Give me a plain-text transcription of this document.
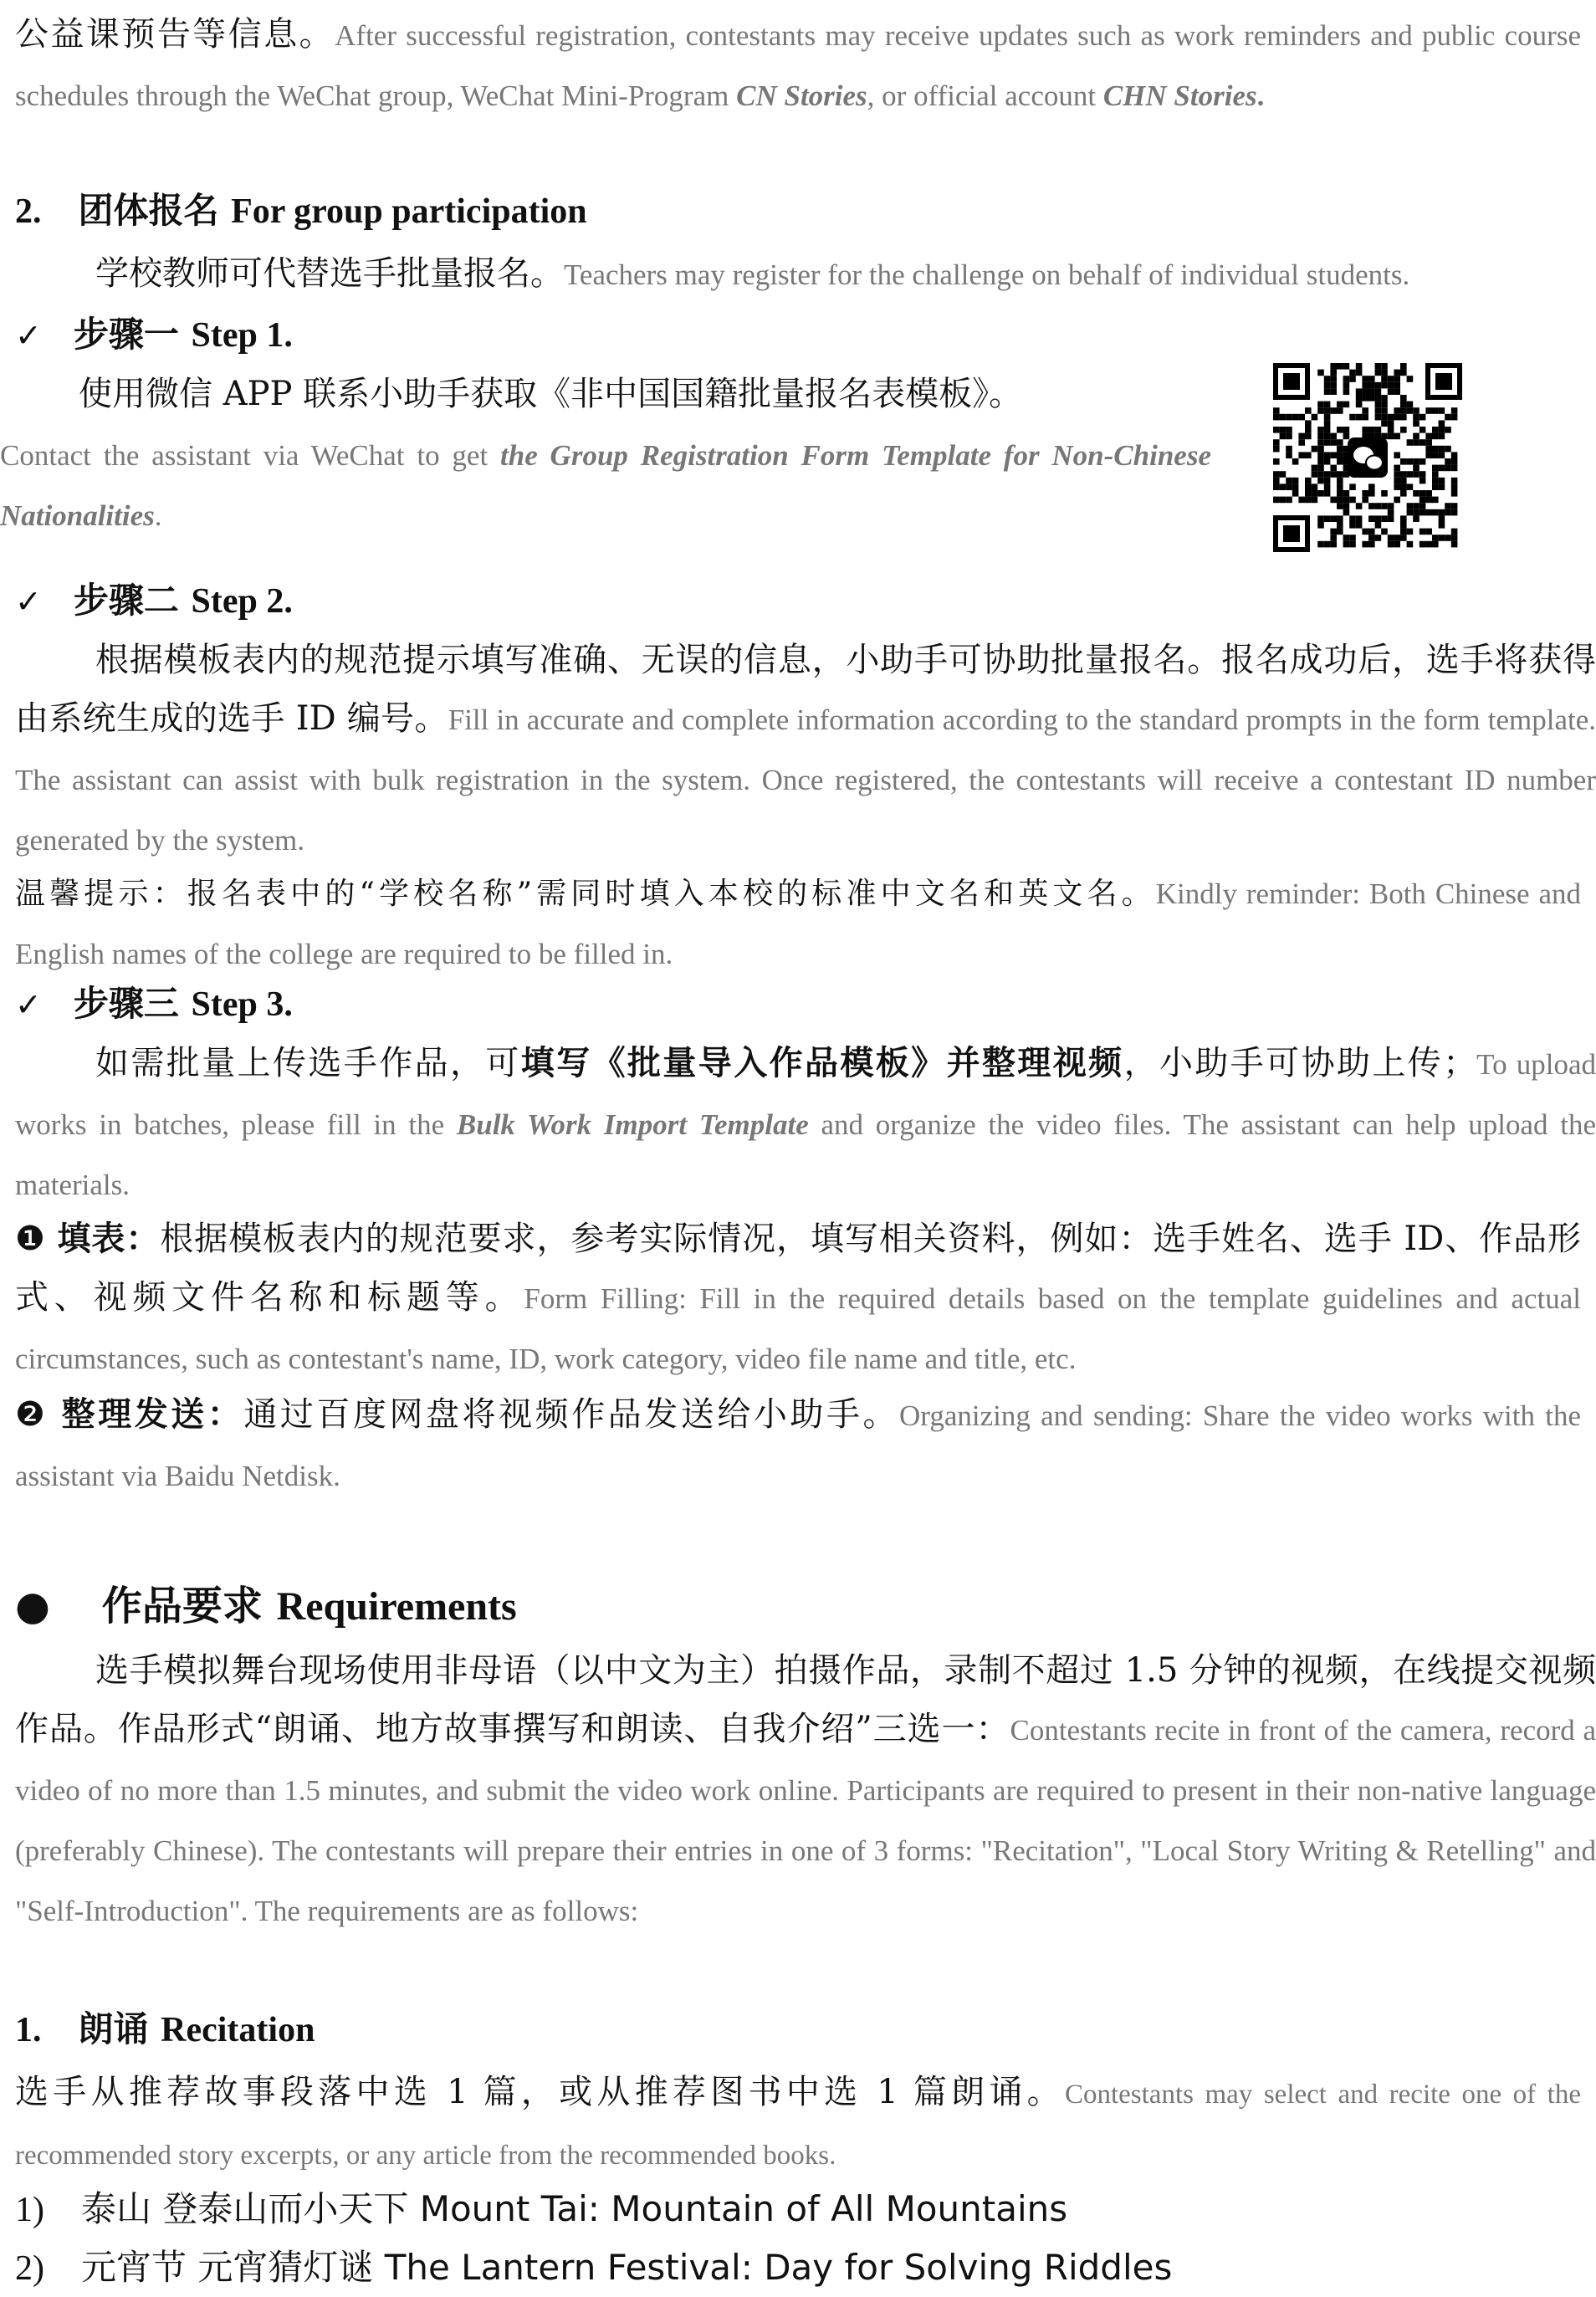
公益课预告等信息。After successful registration, contestants may receive updates such as work reminders and public course schedules through the WeChat group, WeChat Mini-Program CN Stories, or official account CHN Stories.

2. 团体报名 For group participation

学校教师可代替选手批量报名。Teachers may register for the challenge on behalf of individual students.

✓ 步骤一 Step 1.

使用微信 APP 联系小助手获取《非中国国籍批量报名表模板》。

Contact the assistant via WeChat to get the Group Registration Form Template for Non-Chinese Nationalities.

✓ 步骤二 Step 2.

根据模板表内的规范提示填写准确、无误的信息，小助手可协助批量报名。报名成功后，选手将获得由系统生成的选手 ID 编号。Fill in accurate and complete information according to the standard prompts in the form template. The assistant can assist with bulk registration in the system. Once registered, the contestants will receive a contestant ID number generated by the system.

温馨提示：报名表中的“学校名称”需同时填入本校的标准中文名和英文名。Kindly reminder: Both Chinese and English names of the college are required to be filled in.

✓ 步骤三 Step 3.

如需批量上传选手作品，可填写《批量导入作品模板》并整理视频，小助手可协助上传；To upload works in batches, please fill in the Bulk Work Import Template and organize the video files. The assistant can help upload the materials.

❶ 填表：根据模板表内的规范要求，参考实际情况，填写相关资料，例如：选手姓名、选手 ID、作品形式、视频文件名称和标题等。Form Filling: Fill in the required details based on the template guidelines and actual circumstances, such as contestant's name, ID, work category, video file name and title, etc.

❷ 整理发送：通过百度网盘将视频作品发送给小助手。Organizing and sending: Share the video works with the assistant via Baidu Netdisk.

● 作品要求 Requirements

选手模拟舞台现场使用非母语（以中文为主）拍摄作品，录制不超过 1.5 分钟的视频，在线提交视频作品。作品形式“朗诵、地方故事撰写和朗读、自我介绍”三选一：Contestants recite in front of the camera, record a video of no more than 1.5 minutes, and submit the video work online. Participants are required to present in their non-native language (preferably Chinese). The contestants will prepare their entries in one of 3 forms: "Recitation", "Local Story Writing & Retelling" and "Self-Introduction". The requirements are as follows:

1. 朗诵 Recitation

选手从推荐故事段落中选 1 篇，或从推荐图书中选 1 篇朗诵。Contestants may select and recite one of the recommended story excerpts, or any article from the recommended books.

1) 泰山 登泰山而小天下 Mount Tai: Mountain of All Mountains

2) 元宵节 元宵猜灯谜 The Lantern Festival: Day for Solving Riddles
